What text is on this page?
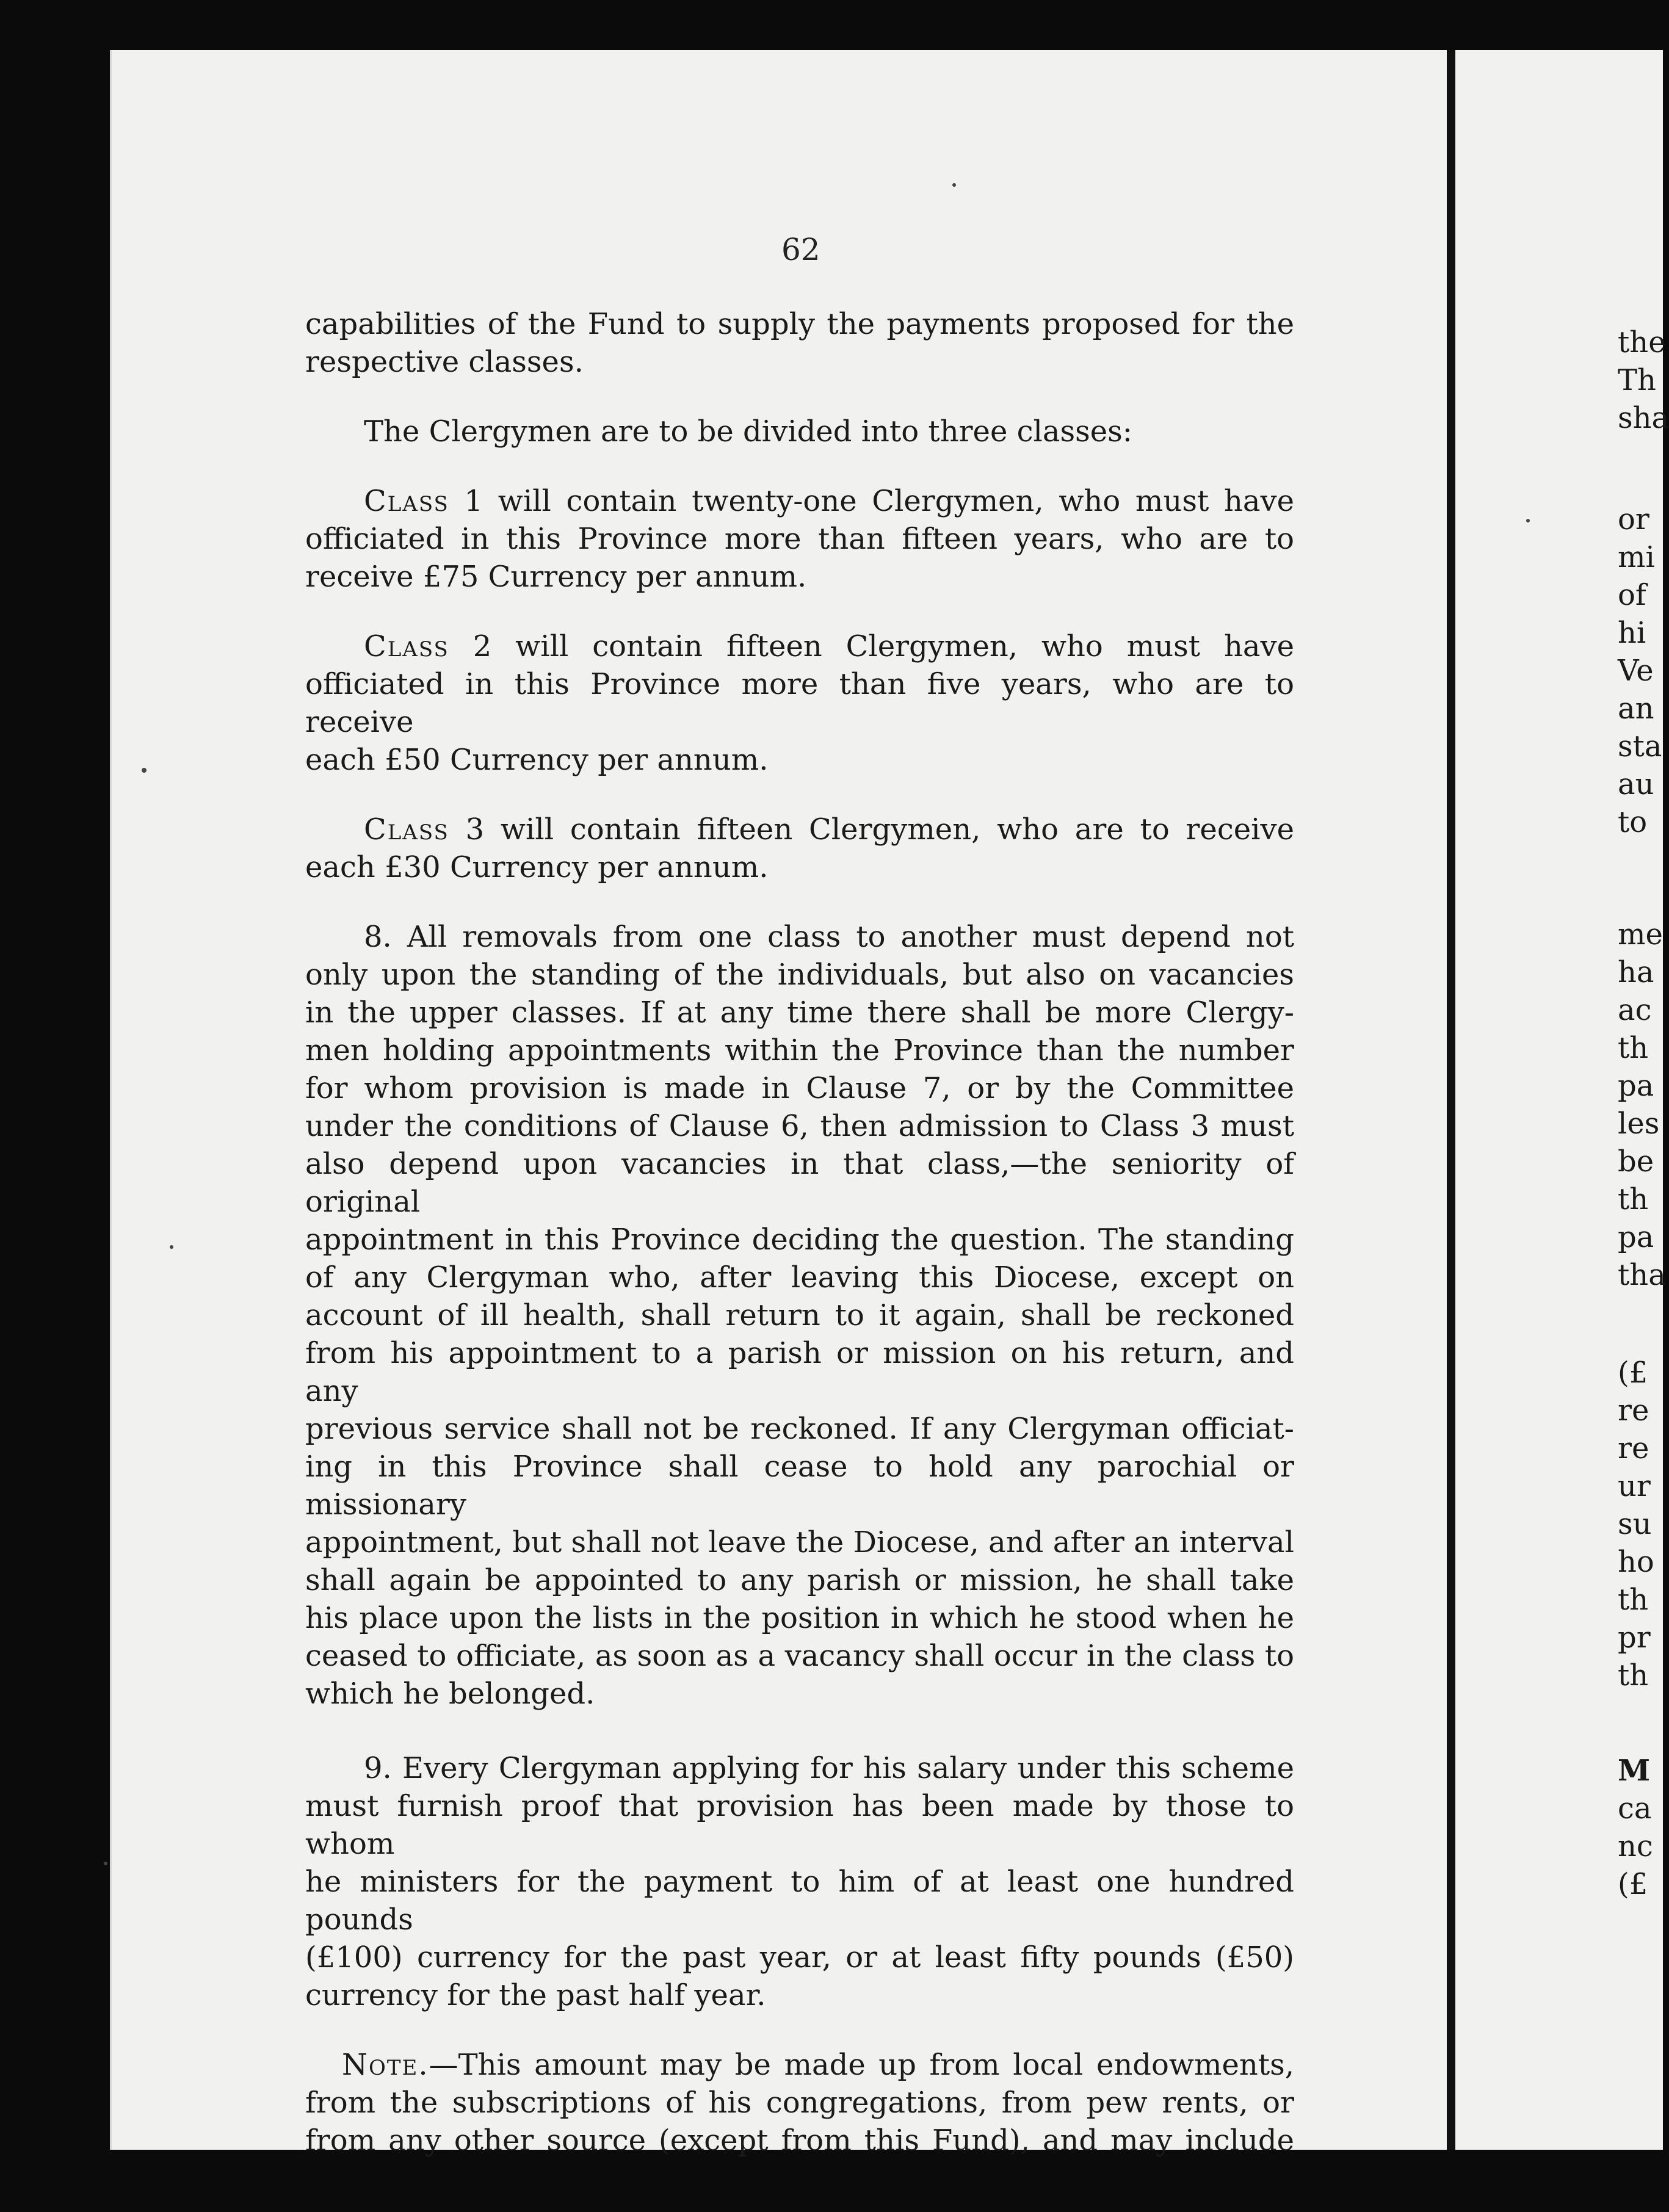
62

capabilities of the Fund to supply the payments proposed for the

respective classes.

The Clergymen are to be divided into three classes:

Class 1 will contain twenty-one Clergymen, who must have

officiated in this Province more than fifteen years, who are to

receive £75 Currency per annum.

Class 2 will contain fifteen Clergymen, who must have

officiated in this Province more than five years, who are to receive

each £50 Currency per annum.

Class 3 will contain fifteen Clergymen, who are to receive

each £30 Currency per annum.

8. All removals from one class to another must depend not

only upon the standing of the individuals, but also on vacancies

in the upper classes. If at any time there shall be more Clergy-

men holding appointments within the Province than the number

for whom provision is made in Clause 7, or by the Committee

under the conditions of Clause 6, then admission to Class 3 must

also depend upon vacancies in that class,—the seniority of original

appointment in this Province deciding the question. The standing

of any Clergyman who, after leaving this Diocese, except on

account of ill health, shall return to it again, shall be reckoned

from his appointment to a parish or mission on his return, and any

previous service shall not be reckoned. If any Clergyman officiat-

ing in this Province shall cease to hold any parochial or missionary

appointment, but shall not leave the Diocese, and after an interval

shall again be appointed to any parish or mission, he shall take

his place upon the lists in the position in which he stood when he

ceased to officiate, as soon as a vacancy shall occur in the class to

which he belonged.

9. Every Clergyman applying for his salary under this scheme

must furnish proof that provision has been made by those to whom

he ministers for the payment to him of at least one hundred pounds

(£100) currency for the past year, or at least fifty pounds (£50)

currency for the past half year.

Note.—This amount may be made up from local endowments,

from the subscriptions of his congregations, from pew rents, or

from any other source (except from this Fund), and may include

the
Th
sha
or
mi
of
hi
Ve
an
sta
au
to
me
ha
ac
th
pa
les
be
th
pa
tha
(£
re
re
ur
su
ho
th
pr
th
M
ca
nc
(£
